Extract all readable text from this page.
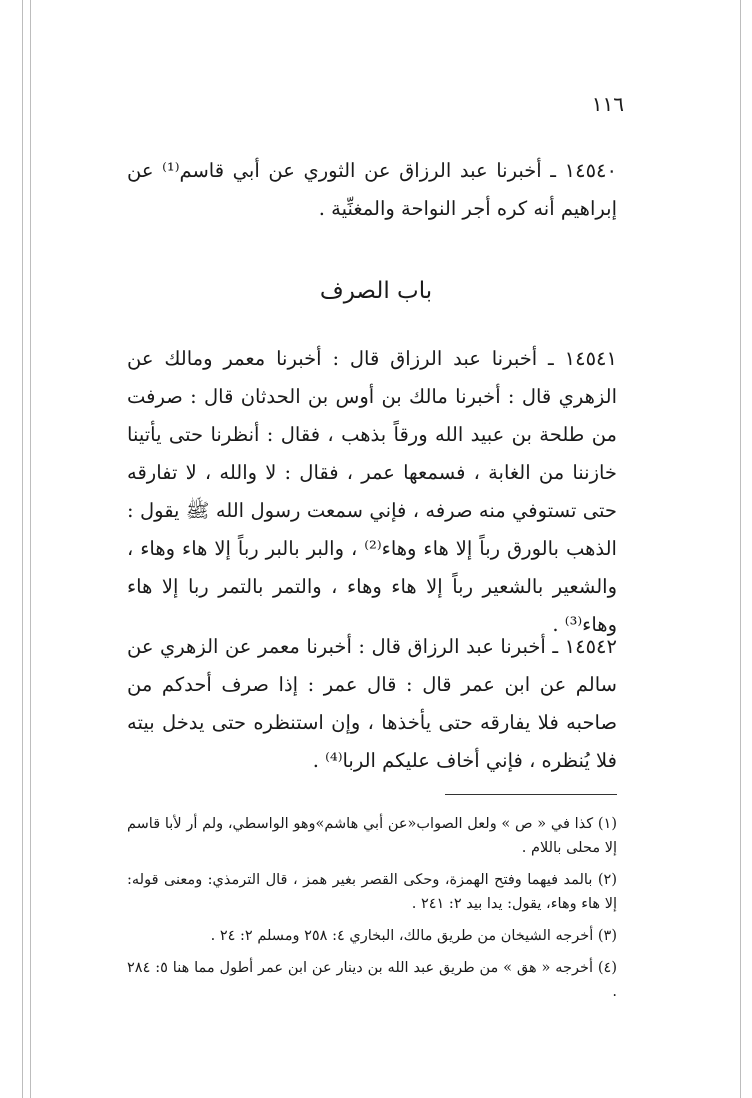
١١٦

١٤٥٤٠ ـ أخبرنا عبد الرزاق عن الثوري عن أبي قاسم⁽¹⁾ عن إبراهيم أنه كره أجر النواحة والمغنِّية .

باب الصرف

١٤٥٤١ ـ أخبرنا عبد الرزاق قال : أخبرنا معمر ومالك عن الزهري قال : أخبرنا مالك بن أوس بن الحدثان قال : صرفت من طلحة بن عبيد الله ورقاً بذهب ، فقال : أنظرنا حتى يأتينا خازننا من الغابة ، فسمعها عمر ، فقال : لا والله ، لا تفارقه حتى تستوفي منه صرفه ، فإني سمعت رسول الله ﷺ يقول : الذهب بالورق رباً إلا هاء وهاء⁽²⁾ ، والبر بالبر رباً إلا هاء وهاء ، والشعير بالشعير رباً إلا هاء وهاء ، والتمر بالتمر ربا إلا هاء وهاء⁽³⁾ .

١٤٥٤٢ ـ أخبرنا عبد الرزاق قال : أخبرنا معمر عن الزهري عن سالم عن ابن عمر قال : قال عمر : إذا صرف أحدكم من صاحبه فلا يفارقه حتى يأخذها ، وإن استنظره حتى يدخل بيته فلا يُنظره ، فإني أخاف عليكم الربا⁽⁴⁾ .

(١) كذا في « ص » ولعل الصواب«عن أبي هاشم»وهو الواسطي، ولم أر لأبا قاسم إلا محلى باللام .

(٢) بالمد فيهما وفتح الهمزة، وحكى القصر بغير همز ، قال الترمذي: ومعنى قوله: إلا هاء وهاء، يقول: يدا بيد ٢: ٢٤١ .

(٣) أخرجه الشيخان من طريق مالك، البخاري ٤: ٢٥٨ ومسلم ٢: ٢٤ .

(٤) أخرجه « هق » من طريق عبد الله بن دينار عن ابن عمر أطول مما هنا ٥: ٢٨٤ .
